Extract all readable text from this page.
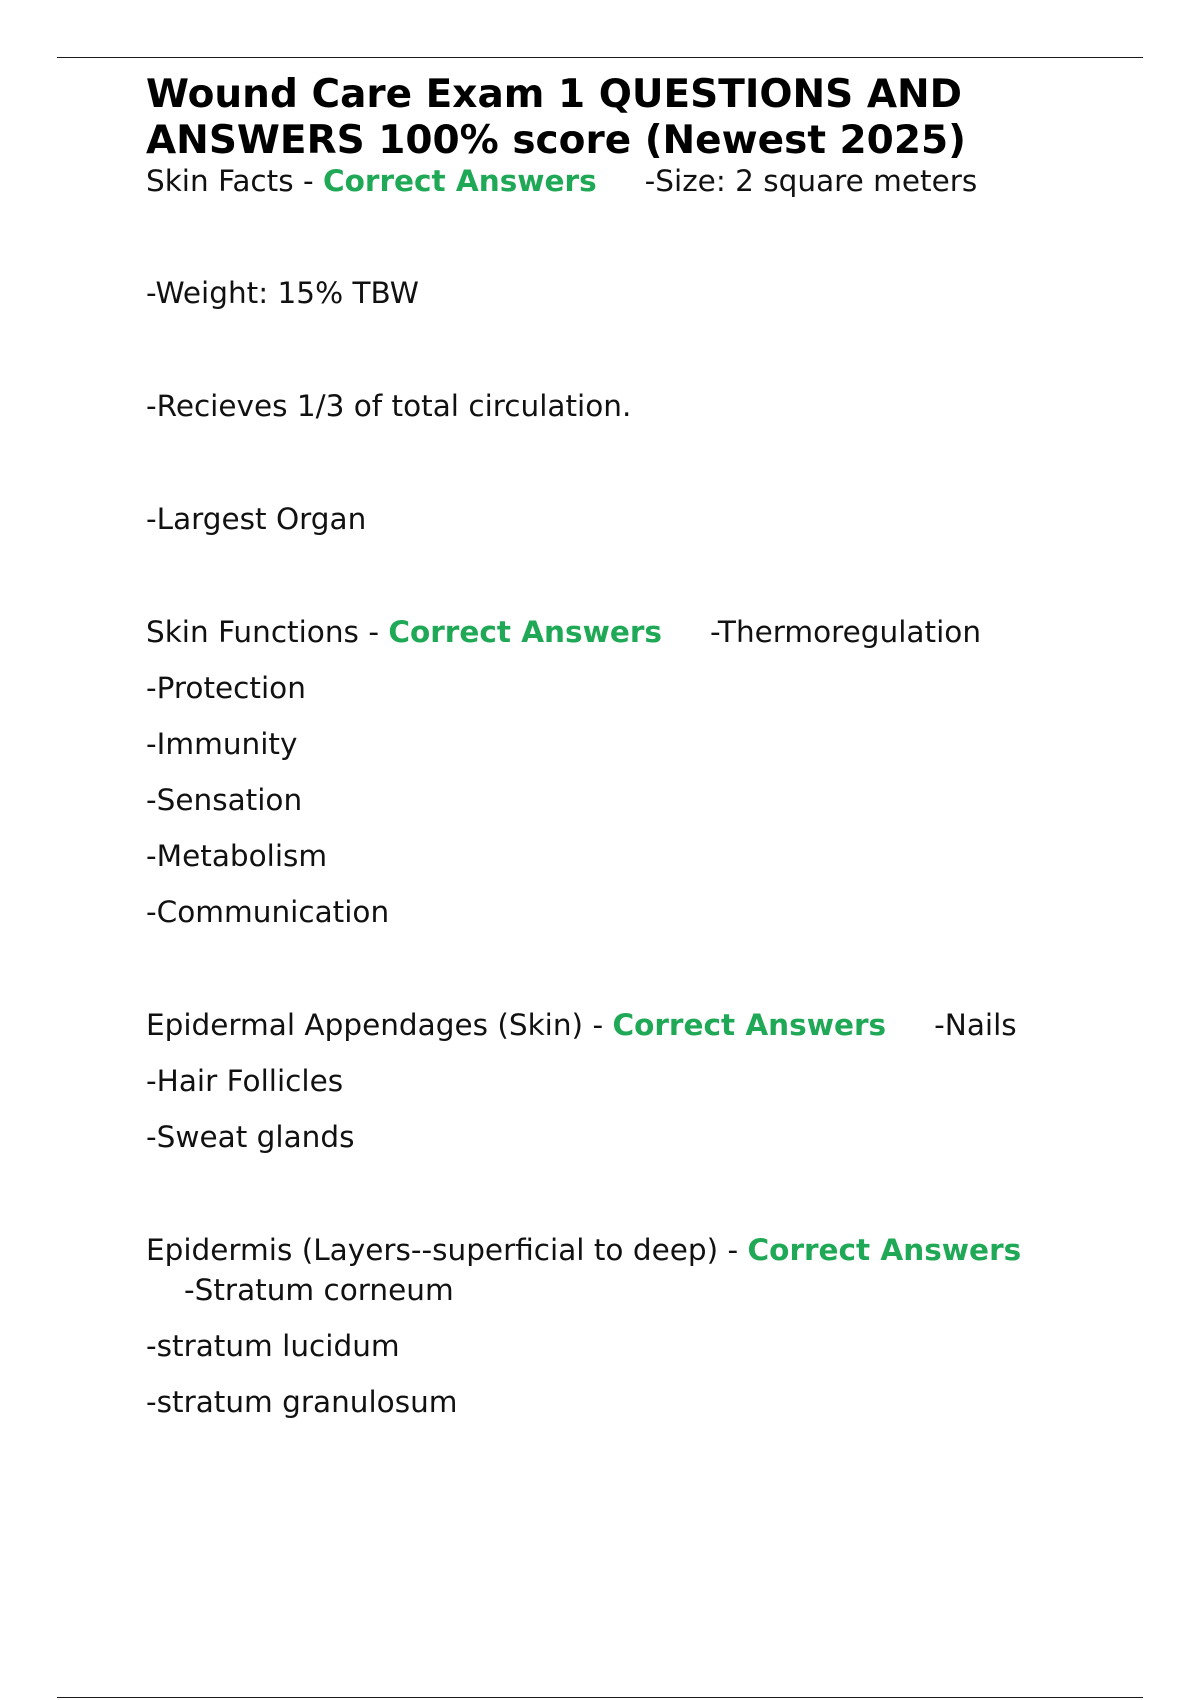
Wound Care Exam 1 QUESTIONS AND
ANSWERS 100% score (Newest 2025)

Skin Facts - Correct Answers -Size: 2 square meters

-Weight: 15% TBW

-Recieves 1/3 of total circulation.

-Largest Organ

Skin Functions - Correct Answers -Thermoregulation

-Protection

-Immunity

-Sensation

-Metabolism

-Communication

Epidermal Appendages (Skin) - Correct Answers -Nails

-Hair Follicles

-Sweat glands

Epidermis (Layers--superficial to deep) - Correct Answers

-Stratum corneum

-stratum lucidum

-stratum granulosum
